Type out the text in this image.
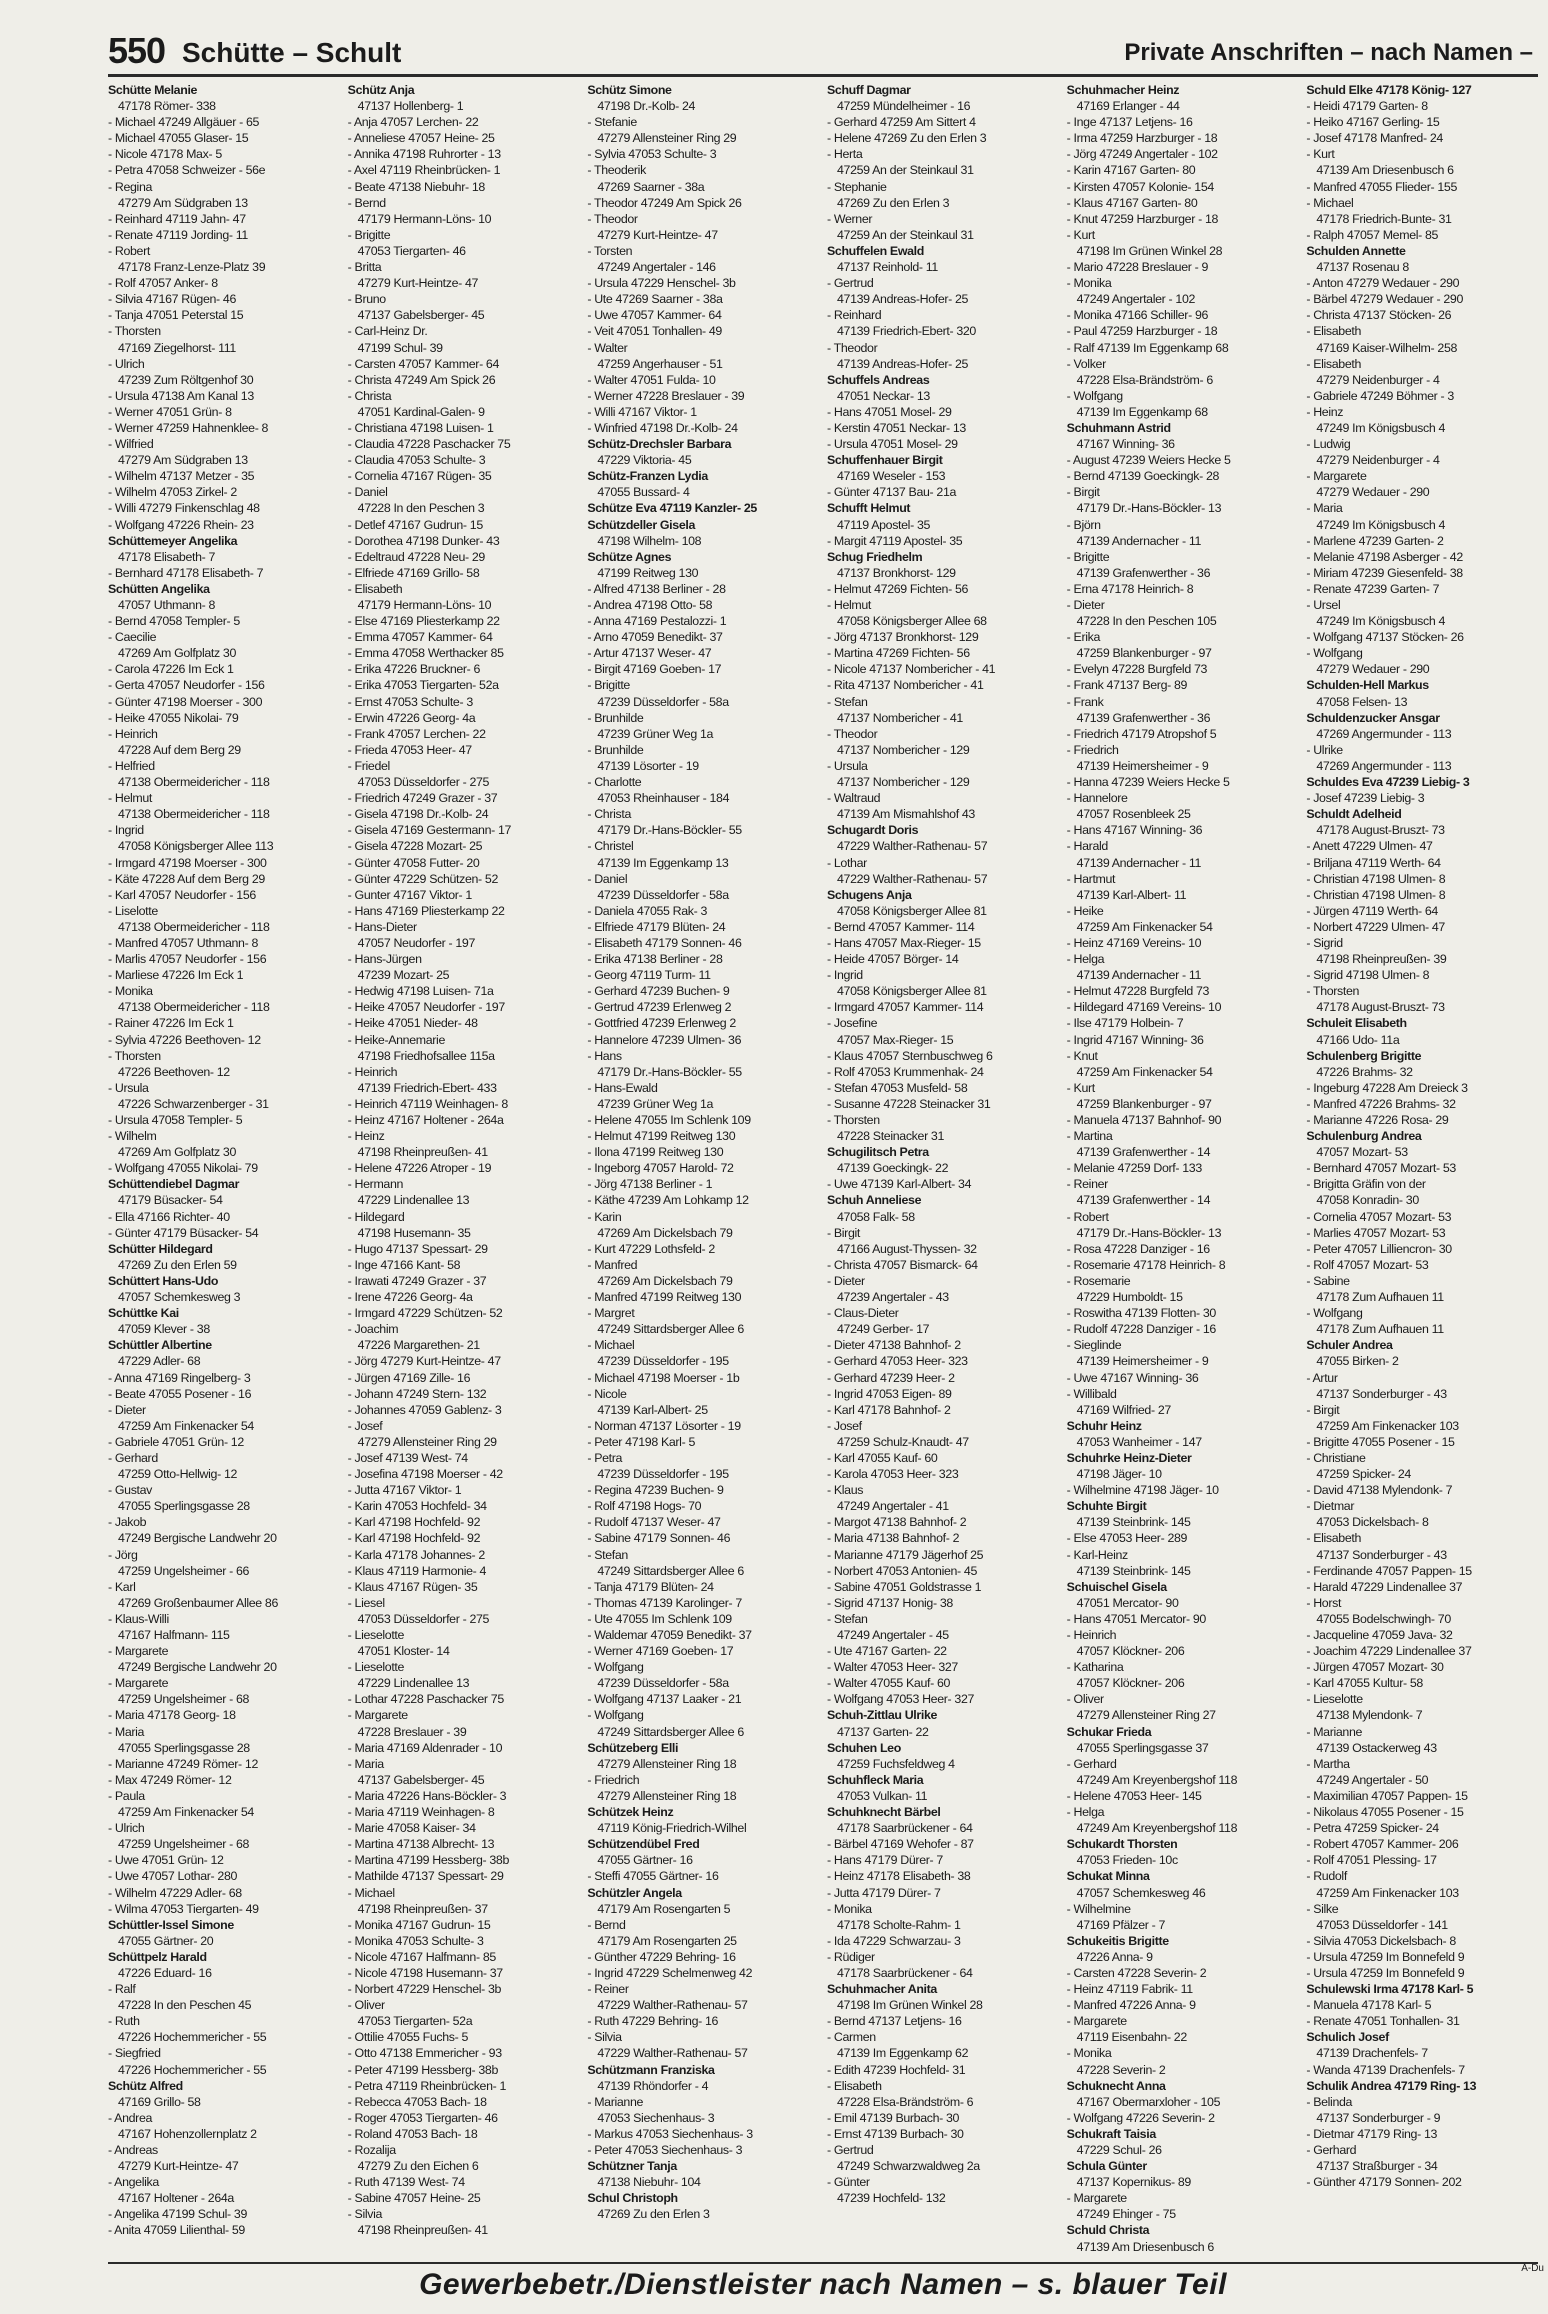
550 Schütte – Schult	Private Anschriften – nach Namen –
Schütte Melanie
47178 Römer- 338
- Michael 47249 Allgäuer - 65
- Michael 47055 Glaser- 15
- Nicole 47178 Max- 5
- Petra 47058 Schweizer - 56e
- Regina
47279 Am Südgraben 13
- Reinhard 47119 Jahn- 47
- Renate 47119 Jording- 11
- Robert
47178 Franz-Lenze-Platz 39
- Rolf 47057 Anker- 8
- Silvia 47167 Rügen- 46
- Tanja 47051 Peterstal 15
- Thorsten
47169 Ziegelhorst- 111
- Ulrich
47239 Zum Röltgenhof 30
- Ursula 47138 Am Kanal 13
- Werner 47051 Grün- 8
- Werner 47259 Hahnenklee- 8
- Wilfried
47279 Am Südgraben 13
- Wilhelm 47137 Metzer - 35
- Wilhelm 47053 Zirkel- 2
- Willi 47279 Finkenschlag 48
- Wolfgang 47226 Rhein- 23
Schüttemeyer Angelika
47178 Elisabeth- 7
- Bernhard 47178 Elisabeth- 7
Schütten Angelika
47057 Uthmann- 8
- Bernd 47058 Templer- 5
- Caecilie
47269 Am Golfplatz 30
- Carola 47226 Im Eck 1
- Gerta 47057 Neudorfer - 156
- Günter 47198 Moerser - 300
- Heike 47055 Nikolai- 79
- Heinrich
47228 Auf dem Berg 29
- Helfried
47138 Obermeidericher - 118
- Helmut
47138 Obermeidericher - 118
- Ingrid
47058 Königsberger Allee 113
- Irmgard 47198 Moerser - 300
- Käte 47228 Auf dem Berg 29
- Karl 47057 Neudorfer - 156
- Liselotte
47138 Obermeidericher - 118
- Manfred 47057 Uthmann- 8
- Marlis 47057 Neudorfer - 156
- Marliese 47226 Im Eck 1
- Monika
47138 Obermeidericher - 118
- Rainer 47226 Im Eck 1
- Sylvia 47226 Beethoven- 12
- Thorsten
47226 Beethoven- 12
- Ursula
47226 Schwarzenberger - 31
- Ursula 47058 Templer- 5
- Wilhelm
47269 Am Golfplatz 30
- Wolfgang 47055 Nikolai- 79
Schüttendiebel Dagmar
47179 Büsacker- 54
- Ella 47166 Richter- 40
- Günter 47179 Büsacker- 54
Schütter Hildegard
47269 Zu den Erlen 59
Schüttert Hans-Udo
47057 Schemkesweg 3
Schüttke Kai
47059 Klever - 38
Schüttler Albertine
47229 Adler- 68
- Anna 47169 Ringelberg- 3
- Beate 47055 Posener - 16
- Dieter
47259 Am Finkenacker 54
- Gabriele 47051 Grün- 12
- Gerhard
47259 Otto-Hellwig- 12
- Gustav
47055 Sperlingsgasse 28
- Jakob
47249 Bergische Landwehr 20
- Jörg
47259 Ungelsheimer - 66
- Karl
47269 Großenbaumer Allee 86
- Klaus-Willi
47167 Halfmann- 115
- Margarete
47249 Bergische Landwehr 20
- Margarete
47259 Ungelsheimer - 68
- Maria 47178 Georg- 18
- Maria
47055 Sperlingsgasse 28
- Marianne 47249 Römer- 12
- Max 47249 Römer- 12
- Paula
47259 Am Finkenacker 54
- Ulrich
47259 Ungelsheimer - 68
- Uwe 47051 Grün- 12
- Uwe 47057 Lothar- 280
- Wilhelm 47229 Adler- 68
- Wilma 47053 Tiergarten- 49
Schüttler-Issel Simone
47055 Gärtner- 20
Schüttpelz Harald
47226 Eduard- 16
- Ralf
47228 In den Peschen 45
- Ruth
47226 Hochemmericher - 55
- Siegfried
47226 Hochemmericher - 55
Schütz Alfred
47169 Grillo- 58
- Andrea
47167 Hohenzollernplatz 2
- Andreas
47279 Kurt-Heintze- 47
- Angelika
47167 Holtener - 264a
- Angelika 47199 Schul- 39
- Anita 47059 Lilienthal- 59
Schütz Anja
47137 Hollenberg- 1
- Anja 47057 Lerchen- 22
- Anneliese 47057 Heine- 25
- Annika 47198 Ruhrorter - 13
- Axel 47119 Rheinbrücken- 1
- Beate 47138 Niebuhr- 18
- Bernd
47179 Hermann-Löns- 10
- Brigitte
47053 Tiergarten- 46
- Britta
47279 Kurt-Heintze- 47
- Bruno
47137 Gabelsberger- 45
- Carl-Heinz Dr.
47199 Schul- 39
- Carsten 47057 Kammer- 64
- Christa 47249 Am Spick 26
- Christa
47051 Kardinal-Galen- 9
- Christiana 47198 Luisen- 1
- Claudia 47228 Paschacker 75
- Claudia 47053 Schulte- 3
- Cornelia 47167 Rügen- 35
- Daniel
47228 In den Peschen 3
- Detlef 47167 Gudrun- 15
- Dorothea 47198 Dunker- 43
- Edeltraud 47228 Neu- 29
- Elfriede 47169 Grillo- 58
- Elisabeth
47179 Hermann-Löns- 10
- Else 47169 Pliesterkamp 22
- Emma 47057 Kammer- 64
- Emma 47058 Werthacker 85
- Erika 47226 Bruckner- 6
- Erika 47053 Tiergarten- 52a
- Ernst 47053 Schulte- 3
- Erwin 47226 Georg- 4a
- Frank 47057 Lerchen- 22
- Frieda 47053 Heer- 47
- Friedel
47053 Düsseldorfer - 275
- Friedrich 47249 Grazer - 37
- Gisela 47198 Dr.-Kolb- 24
- Gisela 47169 Gestermann- 17
- Gisela 47228 Mozart- 25
- Günter 47058 Futter- 20
- Günter 47229 Schützen- 52
- Gunter 47167 Viktor- 1
- Hans 47169 Pliesterkamp 22
- Hans-Dieter
47057 Neudorfer - 197
- Hans-Jürgen
47239 Mozart- 25
- Hedwig 47198 Luisen- 71a
- Heike 47057 Neudorfer - 197
- Heike 47051 Nieder- 48
- Heike-Annemarie
47198 Friedhofsallee 115a
- Heinrich
47139 Friedrich-Ebert- 433
- Heinrich 47119 Weinhagen- 8
- Heinz 47167 Holtener - 264a
- Heinz
47198 Rheinpreußen- 41
- Helene 47226 Atroper - 19
- Hermann
47229 Lindenallee 13
- Hildegard
47198 Husemann- 35
- Hugo 47137 Spessart- 29
- Inge 47166 Kant- 58
- Irawati 47249 Grazer - 37
- Irene 47226 Georg- 4a
- Irmgard 47229 Schützen- 52
- Joachim
47226 Margarethen- 21
- Jörg 47279 Kurt-Heintze- 47
- Jürgen 47169 Zille- 16
- Johann 47249 Stern- 132
- Johannes 47059 Gablenz- 3
- Josef
47279 Allensteiner Ring 29
- Josef 47139 West- 74
- Josefina 47198 Moerser - 42
- Jutta 47167 Viktor- 1
- Karin 47053 Hochfeld- 34
- Karl 47198 Hochfeld- 92
- Karl 47198 Hochfeld- 92
- Karla 47178 Johannes- 2
- Klaus 47119 Harmonie- 4
- Klaus 47167 Rügen- 35
- Liesel
47053 Düsseldorfer - 275
- Lieselotte
47051 Kloster- 14
- Lieselotte
47229 Lindenallee 13
- Lothar 47228 Paschacker 75
- Margarete
47228 Breslauer - 39
- Maria 47169 Aldenrader - 10
- Maria
47137 Gabelsberger- 45
- Maria 47226 Hans-Böckler- 3
- Maria 47119 Weinhagen- 8
- Marie 47058 Kaiser- 34
- Martina 47138 Albrecht- 13
- Martina 47199 Hessberg- 38b
- Mathilde 47137 Spessart- 29
- Michael
47198 Rheinpreußen- 37
- Monika 47167 Gudrun- 15
- Monika 47053 Schulte- 3
- Nicole 47167 Halfmann- 85
- Nicole 47198 Husemann- 37
- Norbert 47229 Henschel- 3b
- Oliver
47053 Tiergarten- 52a
- Ottilie 47055 Fuchs- 5
- Otto 47138 Emmericher - 93
- Peter 47199 Hessberg- 38b
- Petra 47119 Rheinbrücken- 1
- Rebecca 47053 Bach- 18
- Roger 47053 Tiergarten- 46
- Roland 47053 Bach- 18
- Rozalija
47279 Zu den Eichen 6
- Ruth 47139 West- 74
- Sabine 47057 Heine- 25
- Silvia
47198 Rheinpreußen- 41
Schütz Simone
47198 Dr.-Kolb- 24
- Stefanie
47279 Allensteiner Ring 29
- Sylvia 47053 Schulte- 3
- Theoderik
47269 Saarner - 38a
- Theodor 47249 Am Spick 26
- Theodor
47279 Kurt-Heintze- 47
- Torsten
47249 Angertaler - 146
- Ursula 47229 Henschel- 3b
- Ute 47269 Saarner - 38a
- Uwe 47057 Kammer- 64
- Veit 47051 Tonhallen- 49
- Walter
47259 Angerhauser - 51
- Walter 47051 Fulda- 10
- Werner 47228 Breslauer - 39
- Willi 47167 Viktor- 1
- Winfried 47198 Dr.-Kolb- 24
Schütz-Drechsler Barbara
47229 Viktoria- 45
Schütz-Franzen Lydia
47055 Bussard- 4
Schütze Eva 47119 Kanzler- 25
Schützdeller Gisela
47198 Wilhelm- 108
Schütze Agnes
47199 Reitweg 130
- Alfred 47138 Berliner - 28
- Andrea 47198 Otto- 58
- Anna 47169 Pestalozzi- 1
- Arno 47059 Benedikt- 37
- Artur 47137 Weser- 47
- Birgit 47169 Goeben- 17
- Brigitte
47239 Düsseldorfer - 58a
- Brunhilde
47239 Grüner Weg 1a
- Brunhilde
47139 Lösorter - 19
- Charlotte
47053 Rheinhauser - 184
- Christa
47179 Dr.-Hans-Böckler- 55
- Christel
47139 Im Eggenkamp 13
- Daniel
47239 Düsseldorfer - 58a
- Daniela 47055 Rak- 3
- Elfriede 47179 Blüten- 24
- Elisabeth 47179 Sonnen- 46
- Erika 47138 Berliner - 28
- Georg 47119 Turm- 11
- Gerhard 47239 Buchen- 9
- Gertrud 47239 Erlenweg 2
- Gottfried 47239 Erlenweg 2
- Hannelore 47239 Ulmen- 36
- Hans
47179 Dr.-Hans-Böckler- 55
- Hans-Ewald
47239 Grüner Weg 1a
- Helene 47055 Im Schlenk 109
- Helmut 47199 Reitweg 130
- Ilona 47199 Reitweg 130
- Ingeborg 47057 Harold- 72
- Jörg 47138 Berliner - 1
- Käthe 47239 Am Lohkamp 12
- Karin
47269 Am Dickelsbach 79
- Kurt 47229 Lothsfeld- 2
- Manfred
47269 Am Dickelsbach 79
- Manfred 47199 Reitweg 130
- Margret
47249 Sittardsberger Allee 6
- Michael
47239 Düsseldorfer - 195
- Michael 47198 Moerser - 1b
- Nicole
47139 Karl-Albert- 25
- Norman 47137 Lösorter - 19
- Peter 47198 Karl- 5
- Petra
47239 Düsseldorfer - 195
- Regina 47239 Buchen- 9
- Rolf 47198 Hogs- 70
- Rudolf 47137 Weser- 47
- Sabine 47179 Sonnen- 46
- Stefan
47249 Sittardsberger Allee 6
- Tanja 47179 Blüten- 24
- Thomas 47139 Karolinger- 7
- Ute 47055 Im Schlenk 109
- Waldemar 47059 Benedikt- 37
- Werner 47169 Goeben- 17
- Wolfgang
47239 Düsseldorfer - 58a
- Wolfgang 47137 Laaker - 21
- Wolfgang
47249 Sittardsberger Allee 6
Schützeberg Elli
47279 Allensteiner Ring 18
- Friedrich
47279 Allensteiner Ring 18
Schützek Heinz
47119 König-Friedrich-Wilhel
Schützendübel Fred
47055 Gärtner- 16
- Steffi 47055 Gärtner- 16
Schützler Angela
47179 Am Rosengarten 5
- Bernd
47179 Am Rosengarten 25
- Günther 47229 Behring- 16
- Ingrid 47229 Schelmenweg 42
- Reiner
47229 Walther-Rathenau- 57
- Ruth 47229 Behring- 16
- Silvia
47229 Walther-Rathenau- 57
Schützmann Franziska
47139 Rhöndorfer - 4
- Marianne
47053 Siechenhaus- 3
- Markus 47053 Siechenhaus- 3
- Peter 47053 Siechenhaus- 3
Schützner Tanja
47138 Niebuhr- 104
Schul Christoph
47269 Zu den Erlen 3
Schuff Dagmar
47259 Mündelheimer - 16
- Gerhard 47259 Am Sittert 4
- Helene 47269 Zu den Erlen 3
- Herta
47259 An der Steinkaul 31
- Stephanie
47269 Zu den Erlen 3
- Werner
47259 An der Steinkaul 31
Schuffelen Ewald
47137 Reinhold- 11
- Gertrud
47139 Andreas-Hofer- 25
- Reinhard
47139 Friedrich-Ebert- 320
- Theodor
47139 Andreas-Hofer- 25
Schuffels Andreas
47051 Neckar- 13
- Hans 47051 Mosel- 29
- Kerstin 47051 Neckar- 13
- Ursula 47051 Mosel- 29
Schuffenhauer Birgit
47169 Weseler - 153
- Günter 47137 Bau- 21a
Schufft Helmut
47119 Apostel- 35
- Margit 47119 Apostel- 35
Schug Friedhelm
47137 Bronkhorst- 129
- Helmut 47269 Fichten- 56
- Helmut
47058 Königsberger Allee 68
- Jörg 47137 Bronkhorst- 129
- Martina 47269 Fichten- 56
- Nicole 47137 Nombericher - 41
- Rita 47137 Nombericher - 41
- Stefan
47137 Nombericher - 41
- Theodor
47137 Nombericher - 129
- Ursula
47137 Nombericher - 129
- Waltraud
47139 Am Mismahlshof 43
Schugardt Doris
47229 Walther-Rathenau- 57
- Lothar
47229 Walther-Rathenau- 57
Schugens Anja
47058 Königsberger Allee 81
- Bernd 47057 Kammer- 114
- Hans 47057 Max-Rieger- 15
- Heide 47057 Börger- 14
- Ingrid
47058 Königsberger Allee 81
- Irmgard 47057 Kammer- 114
- Josefine
47057 Max-Rieger- 15
- Klaus 47057 Sternbuschweg 6
- Rolf 47053 Krummenhak- 24
- Stefan 47053 Musfeld- 58
- Susanne 47228 Steinacker 31
- Thorsten
47228 Steinacker 31
Schugilitsch Petra
47139 Goeckingk- 22
- Uwe 47139 Karl-Albert- 34
Schuh Anneliese
47058 Falk- 58
- Birgit
47166 August-Thyssen- 32
- Christa 47057 Bismarck- 64
- Dieter
47239 Angertaler - 43
- Claus-Dieter
47249 Gerber- 17
- Dieter 47138 Bahnhof- 2
- Gerhard 47053 Heer- 323
- Gerhard 47239 Heer- 2
- Ingrid 47053 Eigen- 89
- Karl 47178 Bahnhof- 2
- Josef
47259 Schulz-Knaudt- 47
- Karl 47055 Kauf- 60
- Karola 47053 Heer- 323
- Klaus
47249 Angertaler - 41
- Margot 47138 Bahnhof- 2
- Maria 47138 Bahnhof- 2
- Marianne 47179 Jägerhof 25
- Norbert 47053 Antonien- 45
- Sabine 47051 Goldstrasse 1
- Sigrid 47137 Honig- 38
- Stefan
47249 Angertaler - 45
- Ute 47167 Garten- 22
- Walter 47053 Heer- 327
- Walter 47055 Kauf- 60
- Wolfgang 47053 Heer- 327
Schuh-Zittlau Ulrike
47137 Garten- 22
Schuhen Leo
47259 Fuchsfeldweg 4
Schuhfleck Maria
47053 Vulkan- 11
Schuhknecht Bärbel
47178 Saarbrückener - 64
- Bärbel 47169 Wehofer - 87
- Hans 47179 Dürer- 7
- Heinz 47178 Elisabeth- 38
- Jutta 47179 Dürer- 7
- Monika
47178 Scholte-Rahm- 1
- Ida 47229 Schwarzau- 3
- Rüdiger
47178 Saarbrückener - 64
Schuhmacher Anita
47198 Im Grünen Winkel 28
- Bernd 47137 Letjens- 16
- Carmen
47139 Im Eggenkamp 62
- Edith 47239 Hochfeld- 31
- Elisabeth
47228 Elsa-Brändström- 6
- Emil 47139 Burbach- 30
- Ernst 47139 Burbach- 30
- Gertrud
47249 Schwarzwaldweg 2a
- Günter
47239 Hochfeld- 132
Schuhmacher Heinz
47169 Erlanger - 44
- Inge 47137 Letjens- 16
- Irma 47259 Harzburger - 18
- Jörg 47249 Angertaler - 102
- Karin 47167 Garten- 80
- Kirsten 47057 Kolonie- 154
- Klaus 47167 Garten- 80
- Knut 47259 Harzburger - 18
- Kurt
47198 Im Grünen Winkel 28
- Mario 47228 Breslauer - 9
- Monika
47249 Angertaler - 102
- Monika 47166 Schiller- 96
- Paul 47259 Harzburger - 18
- Ralf 47139 Im Eggenkamp 68
- Volker
47228 Elsa-Brändström- 6
- Wolfgang
47139 Im Eggenkamp 68
Schuhmann Astrid
47167 Winning- 36
- August 47239 Weiers Hecke 5
- Bernd 47139 Goeckingk- 28
- Birgit
47179 Dr.-Hans-Böckler- 13
- Björn
47139 Andernacher - 11
- Brigitte
47139 Grafenwerther - 36
- Erna 47178 Heinrich- 8
- Dieter
47228 In den Peschen 105
- Erika
47259 Blankenburger - 97
- Evelyn 47228 Burgfeld 73
- Frank 47137 Berg- 89
- Frank
47139 Grafenwerther - 36
- Friedrich 47179 Atropshof 5
- Friedrich
47139 Heimersheimer - 9
- Hanna 47239 Weiers Hecke 5
- Hannelore
47057 Rosenbleek 25
- Hans 47167 Winning- 36
- Harald
47139 Andernacher - 11
- Hartmut
47139 Karl-Albert- 11
- Heike
47259 Am Finkenacker 54
- Heinz 47169 Vereins- 10
- Helga
47139 Andernacher - 11
- Helmut 47228 Burgfeld 73
- Hildegard 47169 Vereins- 10
- Ilse 47179 Holbein- 7
- Ingrid 47167 Winning- 36
- Knut
47259 Am Finkenacker 54
- Kurt
47259 Blankenburger - 97
- Manuela 47137 Bahnhof- 90
- Martina
47139 Grafenwerther - 14
- Melanie 47259 Dorf- 133
- Reiner
47139 Grafenwerther - 14
- Robert
47179 Dr.-Hans-Böckler- 13
- Rosa 47228 Danziger - 16
- Rosemarie 47178 Heinrich- 8
- Rosemarie
47229 Humboldt- 15
- Roswitha 47139 Flotten- 30
- Rudolf 47228 Danziger - 16
- Sieglinde
47139 Heimersheimer - 9
- Uwe 47167 Winning- 36
- Willibald
47169 Wilfried- 27
Schuhr Heinz
47053 Wanheimer - 147
Schuhrke Heinz-Dieter
47198 Jäger- 10
- Wilhelmine 47198 Jäger- 10
Schuhte Birgit
47139 Steinbrink- 145
- Else 47053 Heer- 289
- Karl-Heinz
47139 Steinbrink- 145
Schuischel Gisela
47051 Mercator- 90
- Hans 47051 Mercator- 90
- Heinrich
47057 Klöckner- 206
- Katharina
47057 Klöckner- 206
- Oliver
47279 Allensteiner Ring 27
Schukar Frieda
47055 Sperlingsgasse 37
- Gerhard
47249 Am Kreyenbergshof 118
- Helene 47053 Heer- 145
- Helga
47249 Am Kreyenbergshof 118
Schukardt Thorsten
47053 Frieden- 10c
Schukat Minna
47057 Schemkesweg 46
- Wilhelmine
47169 Pfälzer - 7
Schukeitis Brigitte
47226 Anna- 9
- Carsten 47228 Severin- 2
- Heinz 47119 Fabrik- 11
- Manfred 47226 Anna- 9
- Margarete
47119 Eisenbahn- 22
- Monika
47228 Severin- 2
Schuknecht Anna
47167 Obermarxloher - 105
- Wolfgang 47226 Severin- 2
Schukraft Taisia
47229 Schul- 26
Schula Günter
47137 Kopernikus- 89
- Margarete
47249 Ehinger - 75
Schuld Christa
47139 Am Driesenbusch 6
Schuld Elke 47178 König- 127
- Heidi 47179 Garten- 8
- Heiko 47167 Gerling- 15
- Josef 47178 Manfred- 24
- Kurt
47139 Am Driesenbusch 6
- Manfred 47055 Flieder- 155
- Michael
47178 Friedrich-Bunte- 31
- Ralph 47057 Memel- 85
Schulden Annette
47137 Rosenau 8
- Anton 47279 Wedauer - 290
- Bärbel 47279 Wedauer - 290
- Christa 47137 Stöcken- 26
- Elisabeth
47169 Kaiser-Wilhelm- 258
- Elisabeth
47279 Neidenburger - 4
- Gabriele 47249 Böhmer - 3
- Heinz
47249 Im Königsbusch 4
- Ludwig
47279 Neidenburger - 4
- Margarete
47279 Wedauer - 290
- Maria
47249 Im Königsbusch 4
- Marlene 47239 Garten- 2
- Melanie 47198 Asberger - 42
- Miriam 47239 Giesenfeld- 38
- Renate 47239 Garten- 7
- Ursel
47249 Im Königsbusch 4
- Wolfgang 47137 Stöcken- 26
- Wolfgang
47279 Wedauer - 290
Schulden-Hell Markus
47058 Felsen- 13
Schuldenzucker Ansgar
47269 Angermunder - 113
- Ulrike
47269 Angermunder - 113
Schuldes Eva 47239 Liebig- 3
- Josef 47239 Liebig- 3
Schuldt Adelheid
47178 August-Bruszt- 73
- Anett 47229 Ulmen- 47
- Briljana 47119 Werth- 64
- Christian 47198 Ulmen- 8
- Christian 47198 Ulmen- 8
- Jürgen 47119 Werth- 64
- Norbert 47229 Ulmen- 47
- Sigrid
47198 Rheinpreußen- 39
- Sigrid 47198 Ulmen- 8
- Thorsten
47178 August-Bruszt- 73
Schuleit Elisabeth
47166 Udo- 11a
Schulenberg Brigitte
47226 Brahms- 32
- Ingeburg 47228 Am Dreieck 3
- Manfred 47226 Brahms- 32
- Marianne 47226 Rosa- 29
Schulenburg Andrea
47057 Mozart- 53
- Bernhard 47057 Mozart- 53
- Brigitta Gräfin von der
47058 Konradin- 30
- Cornelia 47057 Mozart- 53
- Marlies 47057 Mozart- 53
- Peter 47057 Lilliencron- 30
- Rolf 47057 Mozart- 53
- Sabine
47178 Zum Aufhauen 11
- Wolfgang
47178 Zum Aufhauen 11
Schuler Andrea
47055 Birken- 2
- Artur
47137 Sonderburger - 43
- Birgit
47259 Am Finkenacker 103
- Brigitte 47055 Posener - 15
- Christiane
47259 Spicker- 24
- David 47138 Mylendonk- 7
- Dietmar
47053 Dickelsbach- 8
- Elisabeth
47137 Sonderburger - 43
- Ferdinande 47057 Pappen- 15
- Harald 47229 Lindenallee 37
- Horst
47055 Bodelschwingh- 70
- Jacqueline 47059 Java- 32
- Joachim 47229 Lindenallee 37
- Jürgen 47057 Mozart- 30
- Karl 47055 Kultur- 58
- Lieselotte
47138 Mylendonk- 7
- Marianne
47139 Ostackerweg 43
- Martha
47249 Angertaler - 50
- Maximilian 47057 Pappen- 15
- Nikolaus 47055 Posener - 15
- Petra 47259 Spicker- 24
- Robert 47057 Kammer- 206
- Rolf 47051 Plessing- 17
- Rudolf
47259 Am Finkenacker 103
- Silke
47053 Düsseldorfer - 141
- Silvia 47053 Dickelsbach- 8
- Ursula 47259 Im Bonnefeld 9
- Ursula 47259 Im Bonnefeld 9
Schulewski Irma 47178 Karl- 5
- Manuela 47178 Karl- 5
- Renate 47051 Tonhallen- 31
Schulich Josef
47139 Drachenfels- 7
- Wanda 47139 Drachenfels- 7
Schulik Andrea 47179 Ring- 13
- Belinda
47137 Sonderburger - 9
- Dietmar 47179 Ring- 13
- Gerhard
47137 Straßburger - 34
- Günther 47179 Sonnen- 202
Gewerbebetr./Dienstleister nach Namen – s. blauer Teil	A-Du
